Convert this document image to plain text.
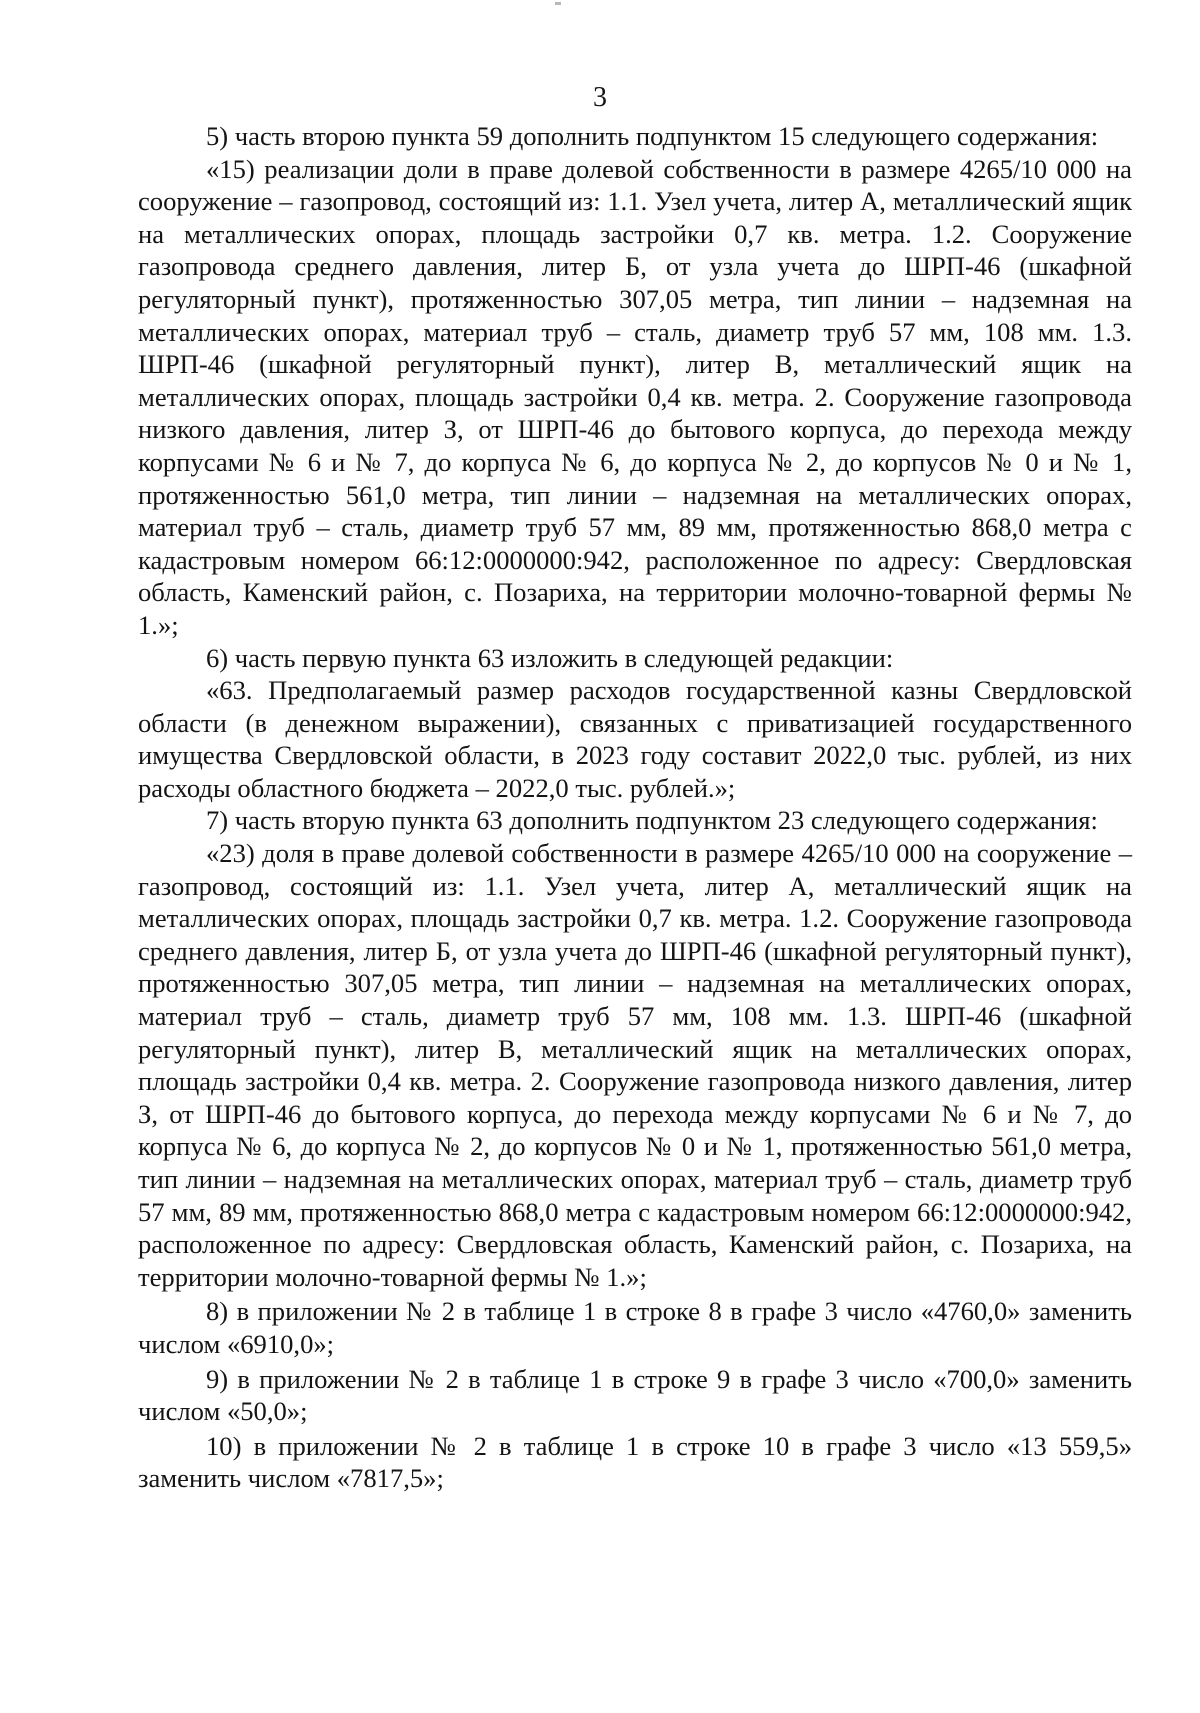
3

5) часть второю пункта 59 дополнить подпунктом 15 следующего содержания:

«15) реализации доли в праве долевой собственности в размере 4265/10 000 на сооружение – газопровод, состоящий из: 1.1. Узел учета, литер А, металлический ящик на металлических опорах, площадь застройки 0,7 кв. метра. 1.2. Сооружение газопровода среднего давления, литер Б, от узла учета до ШРП-46 (шкафной регуляторный пункт), протяженностью 307,05 метра, тип линии – надземная на металлических опорах, материал труб – сталь, диаметр труб 57 мм, 108 мм. 1.3. ШРП-46 (шкафной регуляторный пункт), литер В, металлический ящик на металлических опорах, площадь застройки 0,4 кв. метра. 2. Сооружение газопровода низкого давления, литер З, от ШРП-46 до бытового корпуса, до перехода между корпусами № 6 и № 7, до корпуса № 6, до корпуса № 2, до корпусов № 0 и № 1, протяженностью 561,0 метра, тип линии – надземная на металлических опорах, материал труб – сталь, диаметр труб 57 мм, 89 мм, протяженностью 868,0 метра с кадастровым номером 66:12:0000000:942, расположенное по адресу: Свердловская область, Каменский район, с. Позариха, на территории молочно-товарной фермы № 1.»;

6) часть первую пункта 63 изложить в следующей редакции:

«63. Предполагаемый размер расходов государственной казны Свердловской области (в денежном выражении), связанных с приватизацией государственного имущества Свердловской области, в 2023 году составит 2022,0 тыс. рублей, из них расходы областного бюджета – 2022,0 тыс. рублей.»;

7) часть вторую пункта 63 дополнить подпунктом 23 следующего содержания:

«23) доля в праве долевой собственности в размере 4265/10 000 на сооружение – газопровод, состоящий из: 1.1. Узел учета, литер А, металлический ящик на металлических опорах, площадь застройки 0,7 кв. метра. 1.2. Сооружение газопровода среднего давления, литер Б, от узла учета до ШРП-46 (шкафной регуляторный пункт), протяженностью 307,05 метра, тип линии – надземная на металлических опорах, материал труб – сталь, диаметр труб 57 мм, 108 мм. 1.3. ШРП-46 (шкафной регуляторный пункт), литер В, металлический ящик на металлических опорах, площадь застройки 0,4 кв. метра. 2. Сооружение газопровода низкого давления, литер З, от ШРП-46 до бытового корпуса, до перехода между корпусами № 6 и № 7, до корпуса № 6, до корпуса № 2, до корпусов № 0 и № 1, протяженностью 561,0 метра, тип линии – надземная на металлических опорах, материал труб – сталь, диаметр труб 57 мм, 89 мм, протяженностью 868,0 метра с кадастровым номером 66:12:0000000:942, расположенное по адресу: Свердловская область, Каменский район, с. Позариха, на территории молочно-товарной фермы № 1.»;

8) в приложении № 2 в таблице 1 в строке 8 в графе 3 число «4760,0» заменить числом «6910,0»;

9) в приложении № 2 в таблице 1 в строке 9 в графе 3 число «700,0» заменить числом «50,0»;

10) в приложении № 2 в таблице 1 в строке 10 в графе 3 число «13 559,5» заменить числом «7817,5»;
